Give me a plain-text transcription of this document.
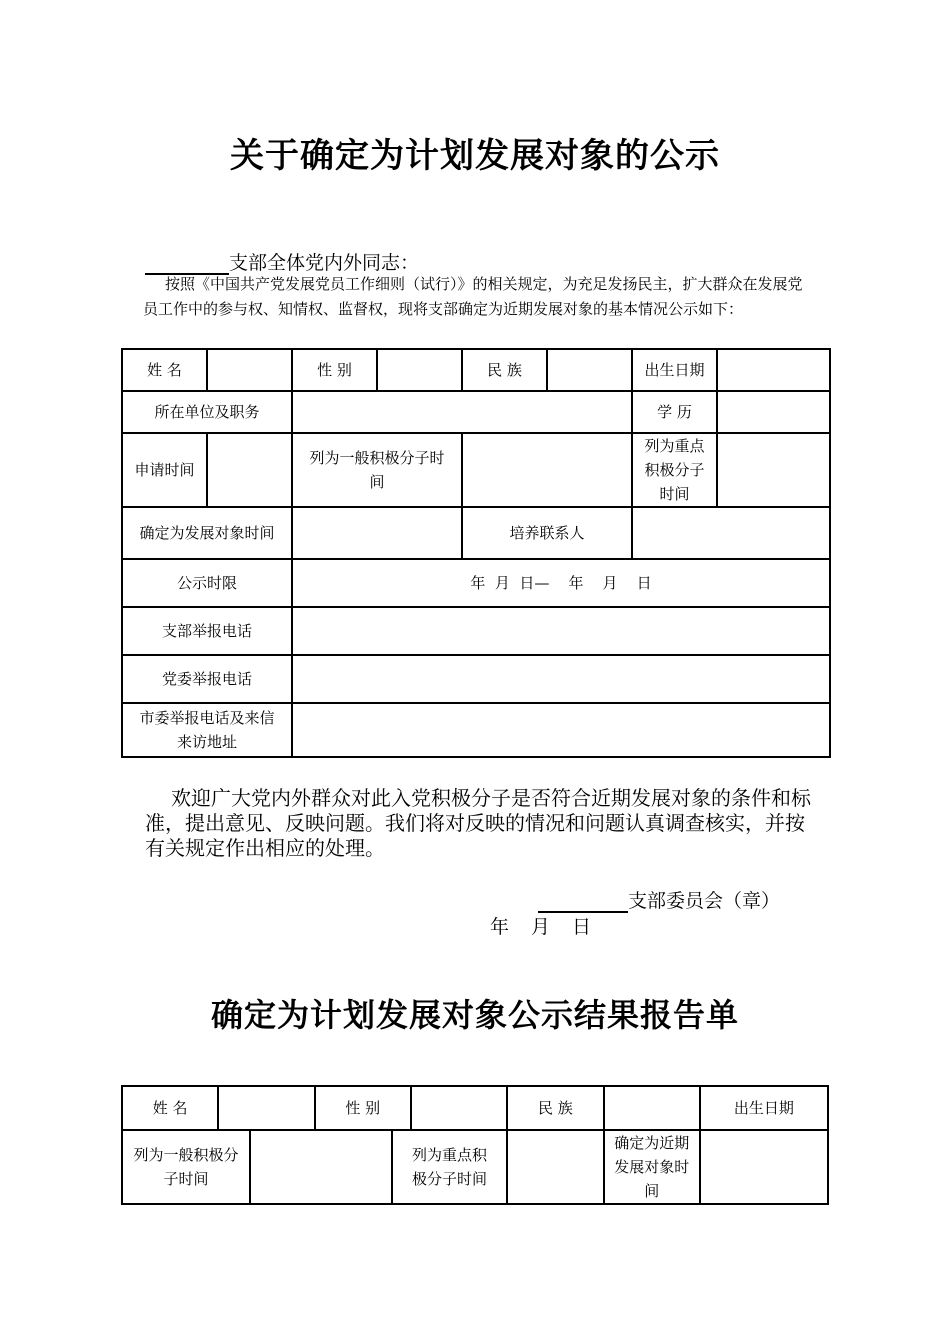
关于确定为计划发展对象的公示
支部全体党内外同志：
按照《中国共产党发展党员工作细则（试行）》的相关规定，为充足发扬民主，扩大群众在发展党员工作中的参与权、知情权、监督权，现将支部确定为近期发展对象的基本情况公示如下：
姓 名		性 别		民 族		出生日期	
所在单位及职务						学 历	
申请时间		列为一般积极分子时间				列为重点积极分子时间	
确定为发展对象时间				培养联系人			
公示时限		年  月  日—    年    月    日					
支部举报电话							
党委举报电话							
市委举报电话及来信来访地址							
欢迎广大党内外群众对此入党积极分子是否符合近期发展对象的条件和标准，提出意见、反映问题。我们将对反映的情况和问题认真调查核实，并按有关规定作出相应的处理。
支部委员会（章）
年 月 日
确定为计划发展对象公示结果报告单
姓 名			性 别			民 族		出生日期
列为一般积极分子时间				列为重点积极分子时间			确定为近期发展对象时间	
